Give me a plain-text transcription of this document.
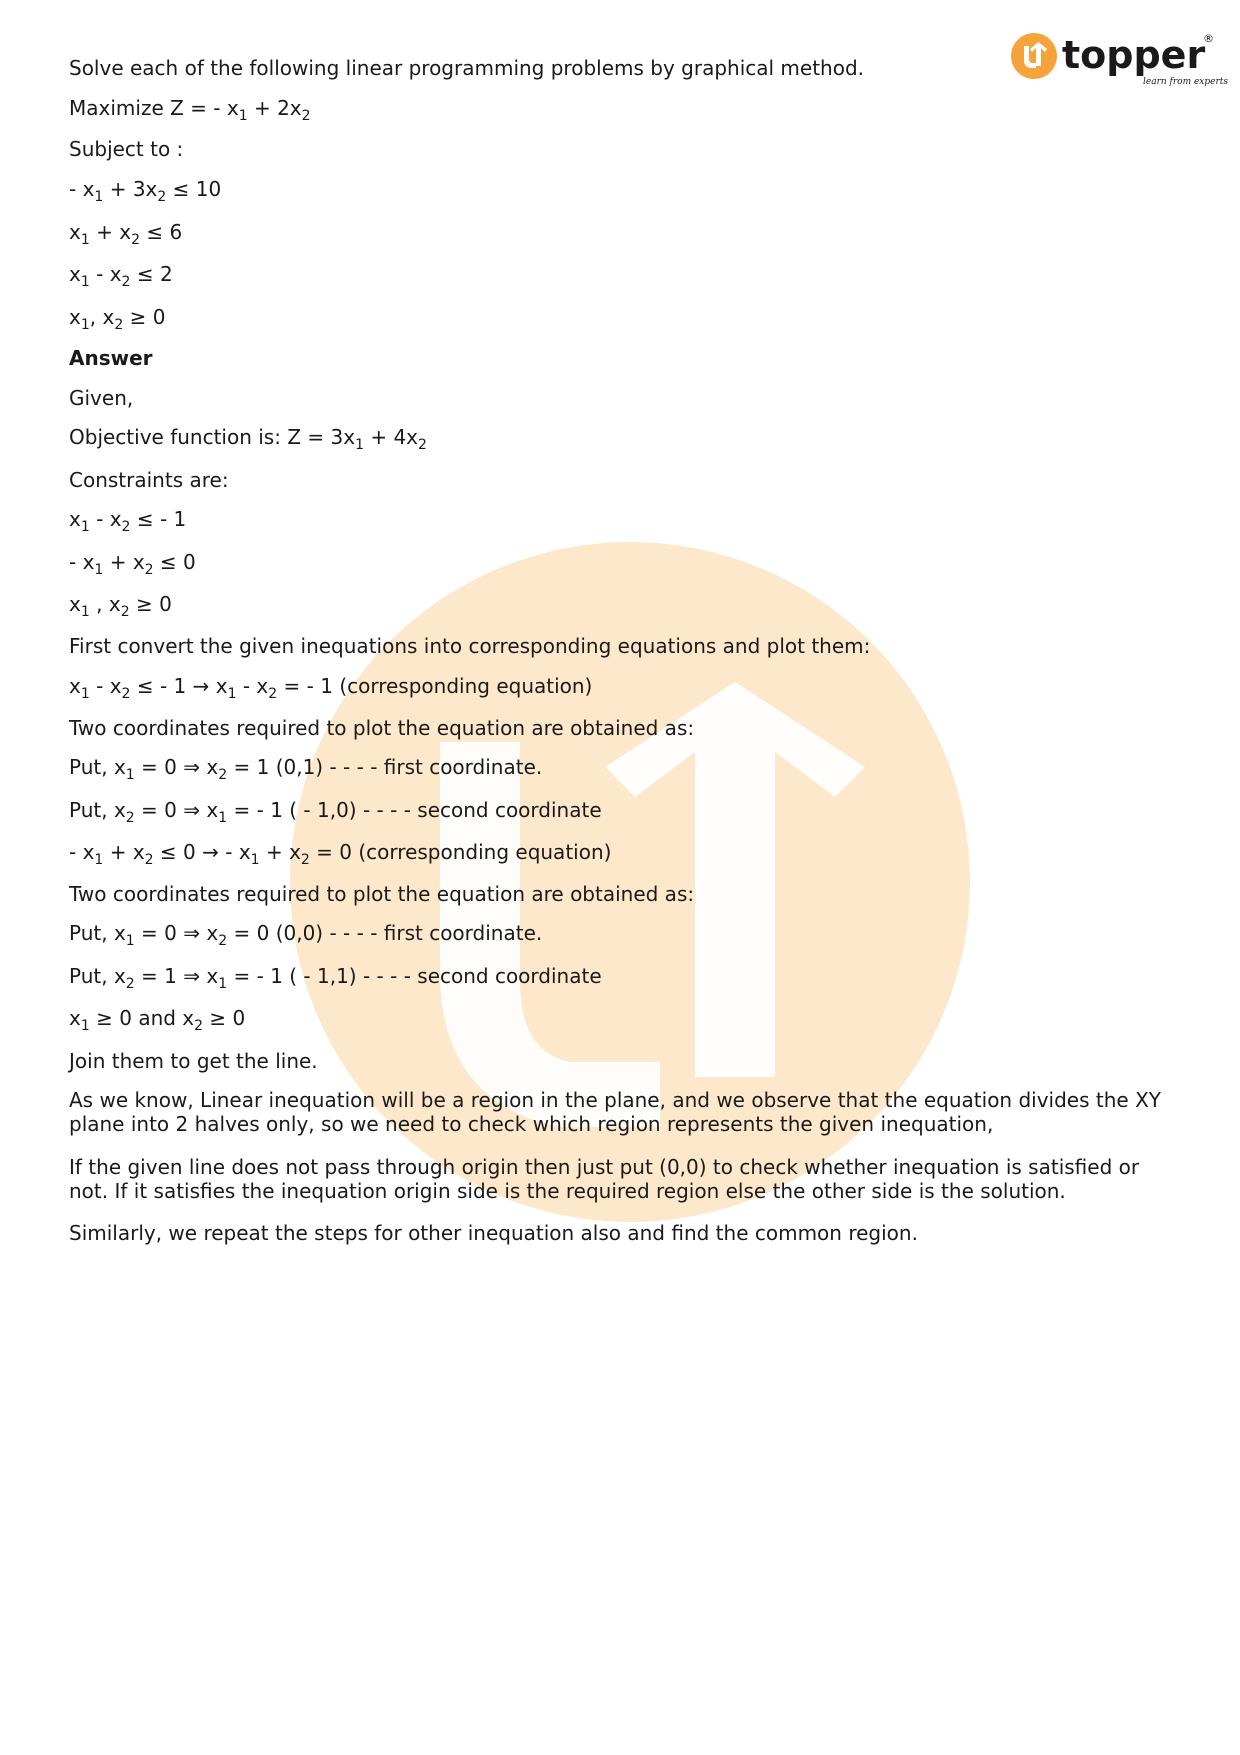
topper
learn from experts
®

Solve each of the following linear programming problems by graphical method.

Maximize Z = - $x_1 + 2x_2$

Subject to :

- $x_1 + 3x_2 \le 10$

$x_1 + x_2 \le 6$

$x_1 - x_2 \le 2$

$x_1$, $x_2 \ge 0$

Answer

Given,

Objective function is: $Z = 3x_1 + 4x_2$

Constraints are:

$x_1 - x_2$ ≤ - 1

- $x_1 + x_2 \le 0$

$x_1$ , $x_2 \ge 0$

First convert the given inequations into corresponding equations and plot them:

$x_1 - x_2$ ≤ - $1 \to x_1 - x_2$ = - 1 (corresponding equation)

Two coordinates required to plot the equation are obtained as:

Put, $x_1 = 0$ ⇒ $x_2 = 1$ (0,1) - - - - first coordinate.

Put, $x_2 = 0$ ⇒ $x_1$ = - 1 ( - 1,0) - - - - second coordinate

- $x_1 + x_2 \le 0$ → - $x_1 + x_2 = 0$ (corresponding equation)

Two coordinates required to plot the equation are obtained as:

Put, $x_1 = 0$ ⇒ $x_2 = 0$ (0,0) - - - - first coordinate.

Put, $x_2 = 1$ ⇒ $x_1$ = - 1 ( - 1,1) - - - - second coordinate

$x_1 \ge 0$ and $x_2 \ge 0$

Join them to get the line.

As we know, Linear inequation will be a region in the plane, and we observe that the equation divides the XY plane into 2 halves only, so we need to check which region represents the given inequation,

If the given line does not pass through origin then just put (0,0) to check whether inequation is satisfied or not. If it satisfies the inequation origin side is the required region else the other side is the solution.

Similarly, we repeat the steps for other inequation also and find the common region.
